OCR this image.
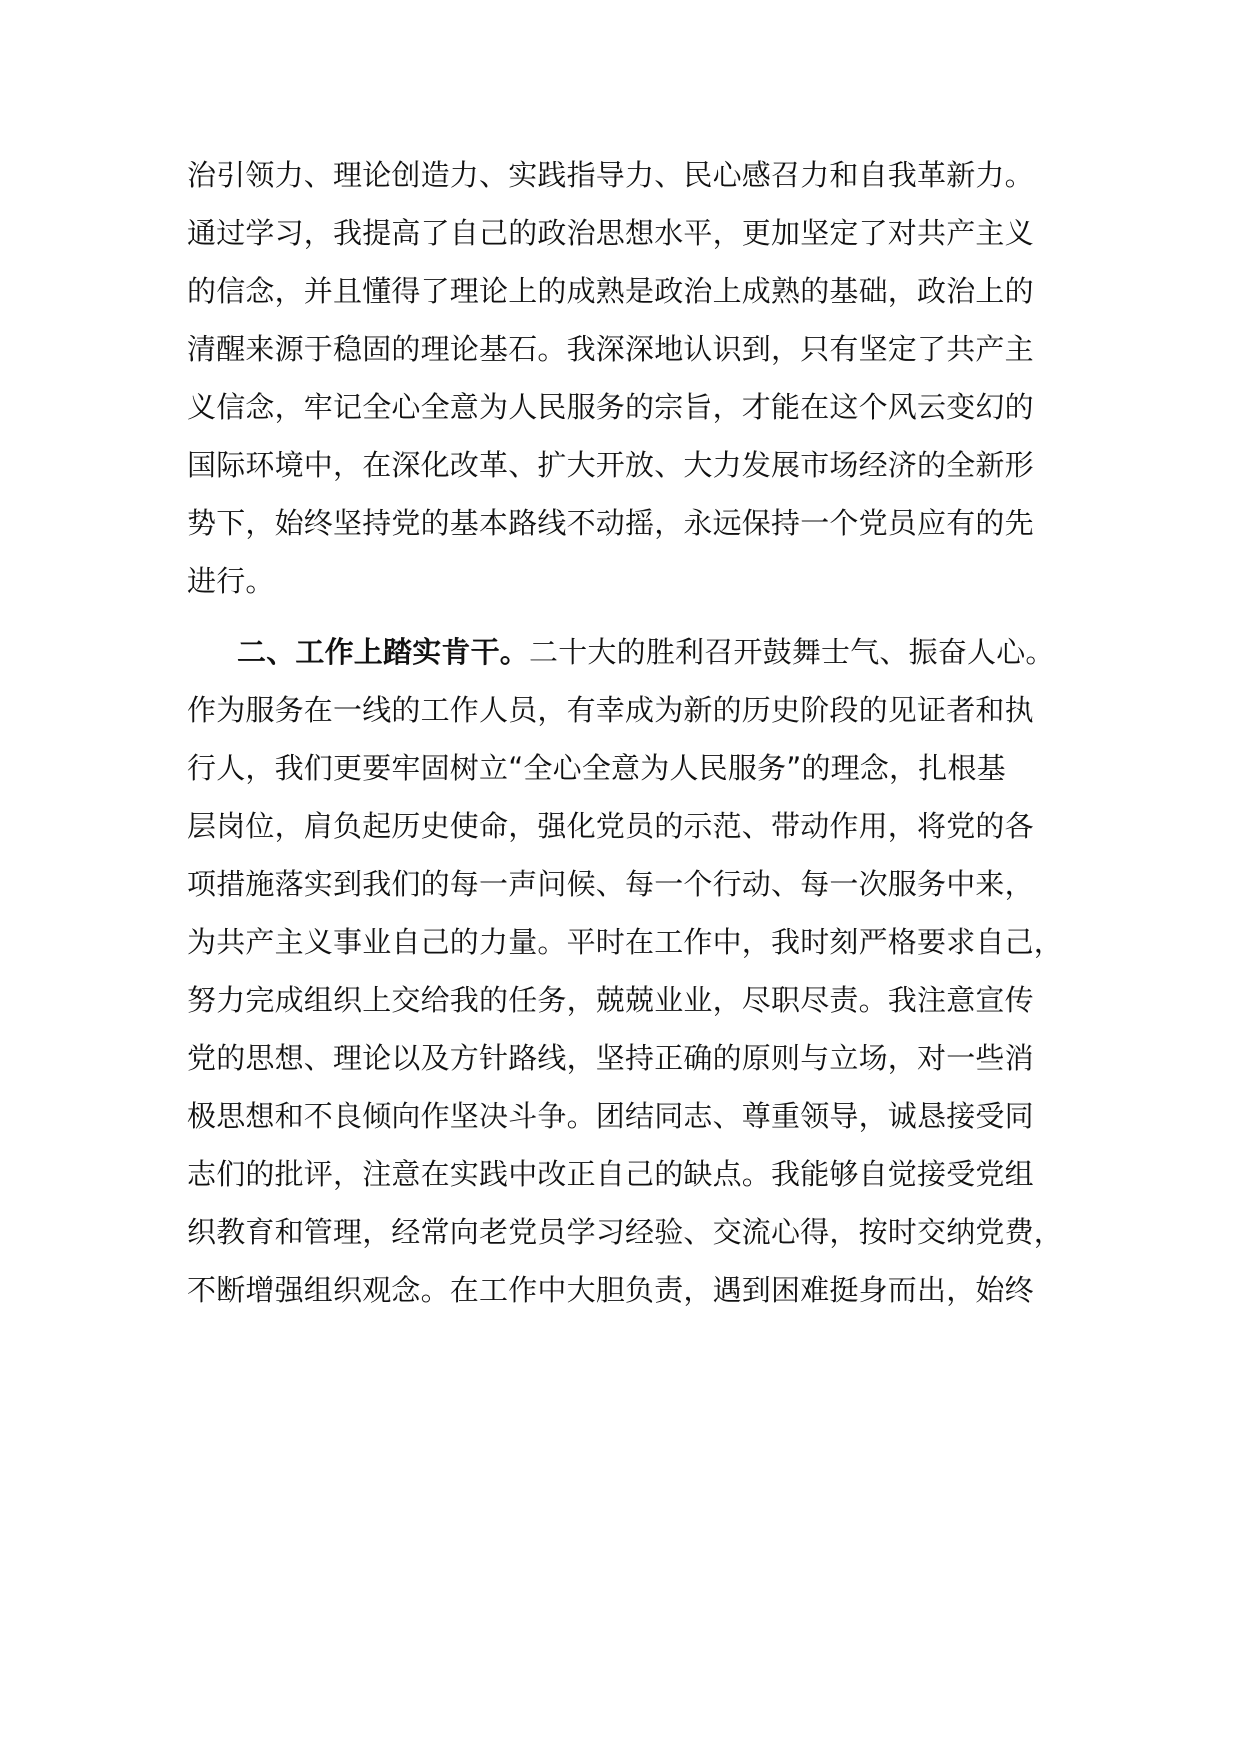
治引领力、理论创造力、实践指导力、民心感召力和自我革新力。
通过学习，我提高了自己的政治思想水平，更加坚定了对共产主义
的信念，并且懂得了理论上的成熟是政治上成熟的基础，政治上的
清醒来源于稳固的理论基石。我深深地认识到，只有坚定了共产主
义信念，牢记全心全意为人民服务的宗旨，才能在这个风云变幻的
国际环境中，在深化改革、扩大开放、大力发展市场经济的全新形
势下，始终坚持党的基本路线不动摇，永远保持一个党员应有的先
进行。
二、工作上踏实肯干。二十大的胜利召开鼓舞士气、振奋人心。
作为服务在一线的工作人员，有幸成为新的历史阶段的见证者和执
行人，我们更要牢固树立“全心全意为人民服务”的理念，扎根基
层岗位，肩负起历史使命，强化党员的示范、带动作用，将党的各
项措施落实到我们的每一声问候、每一个行动、每一次服务中来，
为共产主义事业自己的力量。平时在工作中，我时刻严格要求自己，
努力完成组织上交给我的任务，兢兢业业，尽职尽责。我注意宣传
党的思想、理论以及方针路线，坚持正确的原则与立场，对一些消
极思想和不良倾向作坚决斗争。团结同志、尊重领导，诚恳接受同
志们的批评，注意在实践中改正自己的缺点。我能够自觉接受党组
织教育和管理，经常向老党员学习经验、交流心得，按时交纳党费，
不断增强组织观念。在工作中大胆负责，遇到困难挺身而出，始终
